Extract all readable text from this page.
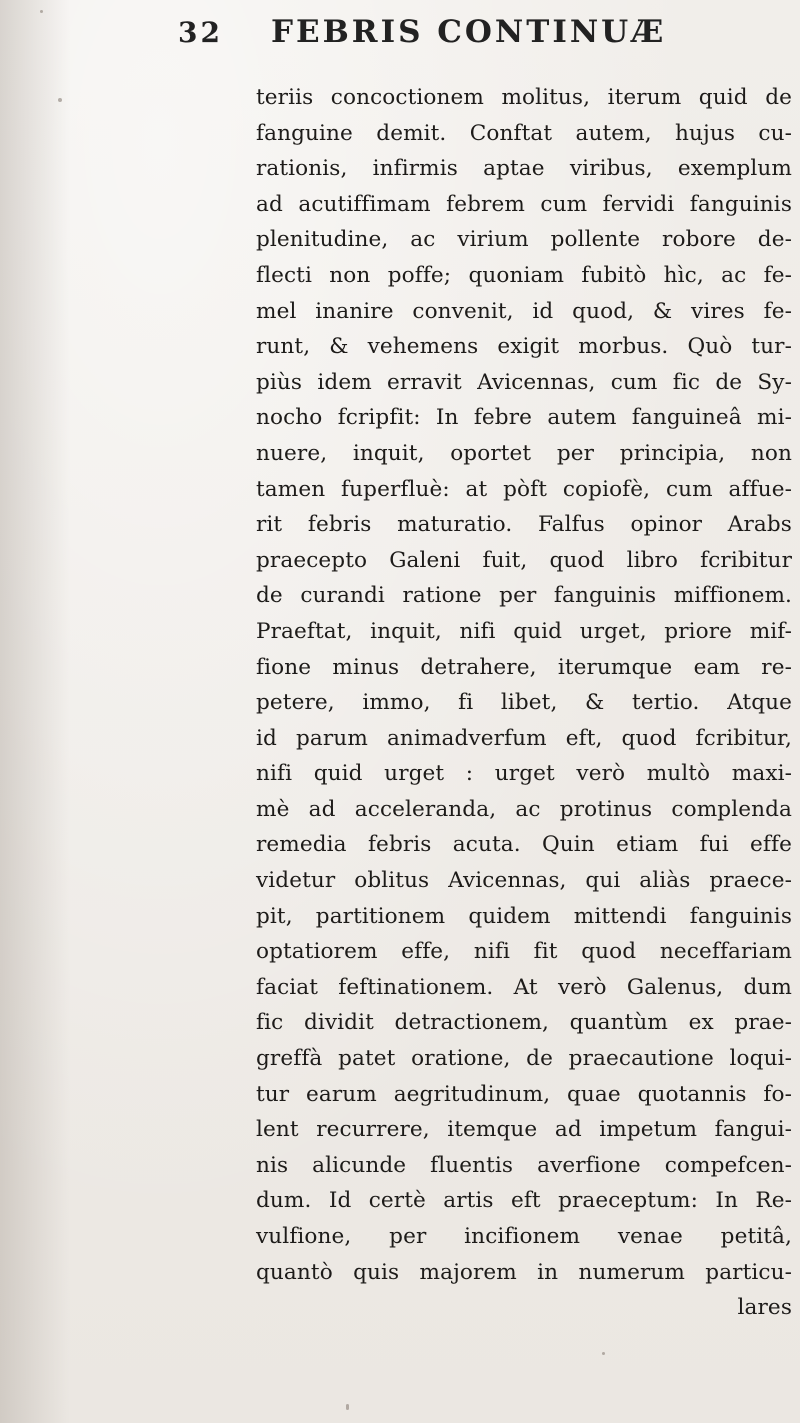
32 FEBRIS CONTINUÆ
teriis concoctionem molitus, iterum quid de
fanguine demit. Conftat autem, hujus cu-
rationis, infirmis aptae viribus, exemplum
ad acutiffimam febrem cum fervidi fanguinis
plenitudine, ac virium pollente robore de-
flecti non poffe; quoniam fubitò hìc, ac fe-
mel inanire convenit, id quod, & vires fe-
runt, & vehemens exigit morbus. Quò tur-
piùs idem erravit Avicennas, cum fic de Sy-
nocho fcripfit: In febre autem fanguineâ mi-
nuere, inquit, oportet per principia, non
tamen fuperfluè: at pòft copiofè, cum affue-
rit febris maturatio. Falfus opinor Arabs
praecepto Galeni fuit, quod libro fcribitur
de curandi ratione per fanguinis miffionem.
Praeftat, inquit, nifi quid urget, priore mif-
fione minus detrahere, iterumque eam re-
petere, immo, fi libet, & tertio. Atque
id parum animadverfum eft, quod fcribitur,
nifi quid urget : urget verò multò maxi-
mè ad acceleranda, ac protinus complenda
remedia febris acuta. Quin etiam fui effe
videtur oblitus Avicennas, qui aliàs praece-
pit, partitionem quidem mittendi fanguinis
optatiorem effe, nifi fit quod neceffariam
faciat feftinationem. At verò Galenus, dum
fic dividit detractionem, quantùm ex prae-
greffà patet oratione, de praecautione loqui-
tur earum aegritudinum, quae quotannis fo-
lent recurrere, itemque ad impetum fangui-
nis alicunde fluentis averfione compefcen-
dum. Id certè artis eft praeceptum: In Re-
vulfione, per incifionem venae petitâ,
quantò quis majorem in numerum particu-
lares
